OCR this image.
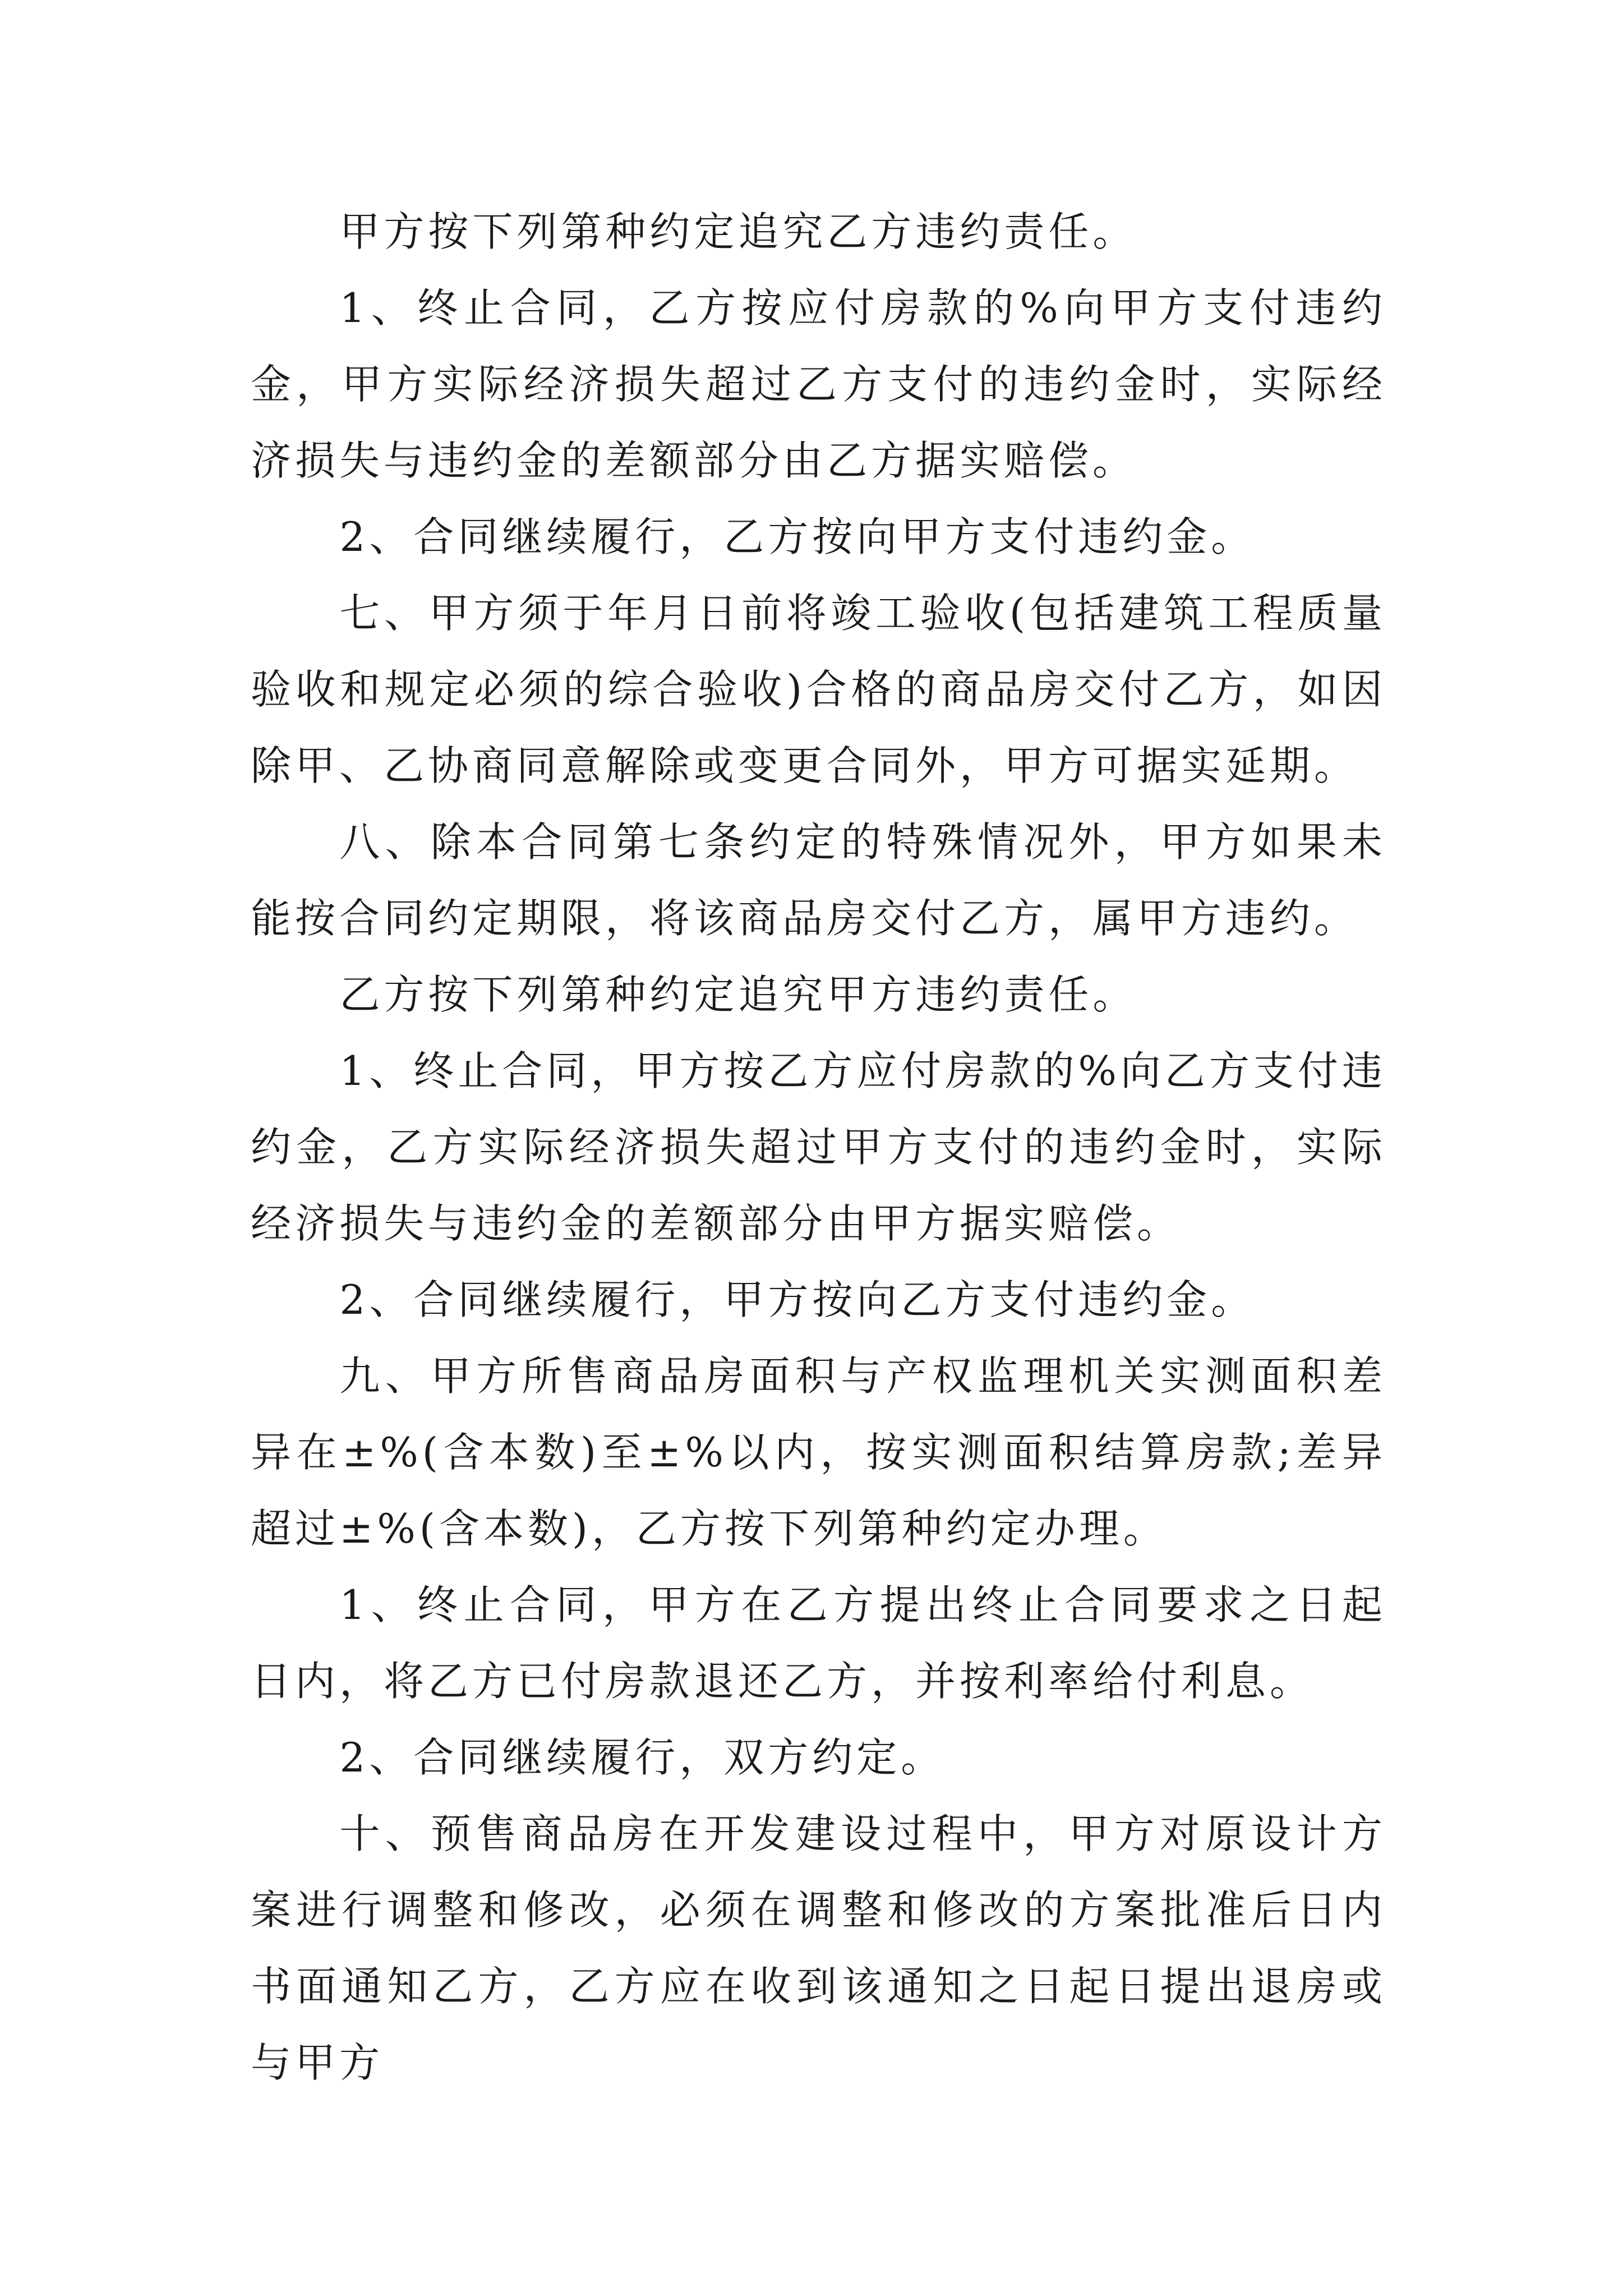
甲方按下列第种约定追究乙方违约责任。

1、终止合同，乙方按应付房款的%向甲方支付违约金，甲方实际经济损失超过乙方支付的违约金时，实际经济损失与违约金的差额部分由乙方据实赔偿。

2、合同继续履行，乙方按向甲方支付违约金。

七、甲方须于年月日前将竣工验收(包括建筑工程质量验收和规定必须的综合验收)合格的商品房交付乙方，如因除甲、乙协商同意解除或变更合同外，甲方可据实延期。

八、除本合同第七条约定的特殊情况外，甲方如果未能按合同约定期限，将该商品房交付乙方，属甲方违约。

乙方按下列第种约定追究甲方违约责任。

1、终止合同，甲方按乙方应付房款的%向乙方支付违约金，乙方实际经济损失超过甲方支付的违约金时，实际经济损失与违约金的差额部分由甲方据实赔偿。

2、合同继续履行，甲方按向乙方支付违约金。

九、甲方所售商品房面积与产权监理机关实测面积差异在±%(含本数)至±%以内，按实测面积结算房款;差异超过±%(含本数)，乙方按下列第种约定办理。

1、终止合同，甲方在乙方提出终止合同要求之日起日内，将乙方已付房款退还乙方，并按利率给付利息。

2、合同继续履行，双方约定。

十、预售商品房在开发建设过程中，甲方对原设计方案进行调整和修改，必须在调整和修改的方案批准后日内书面通知乙方，乙方应在收到该通知之日起日提出退房或与甲方
